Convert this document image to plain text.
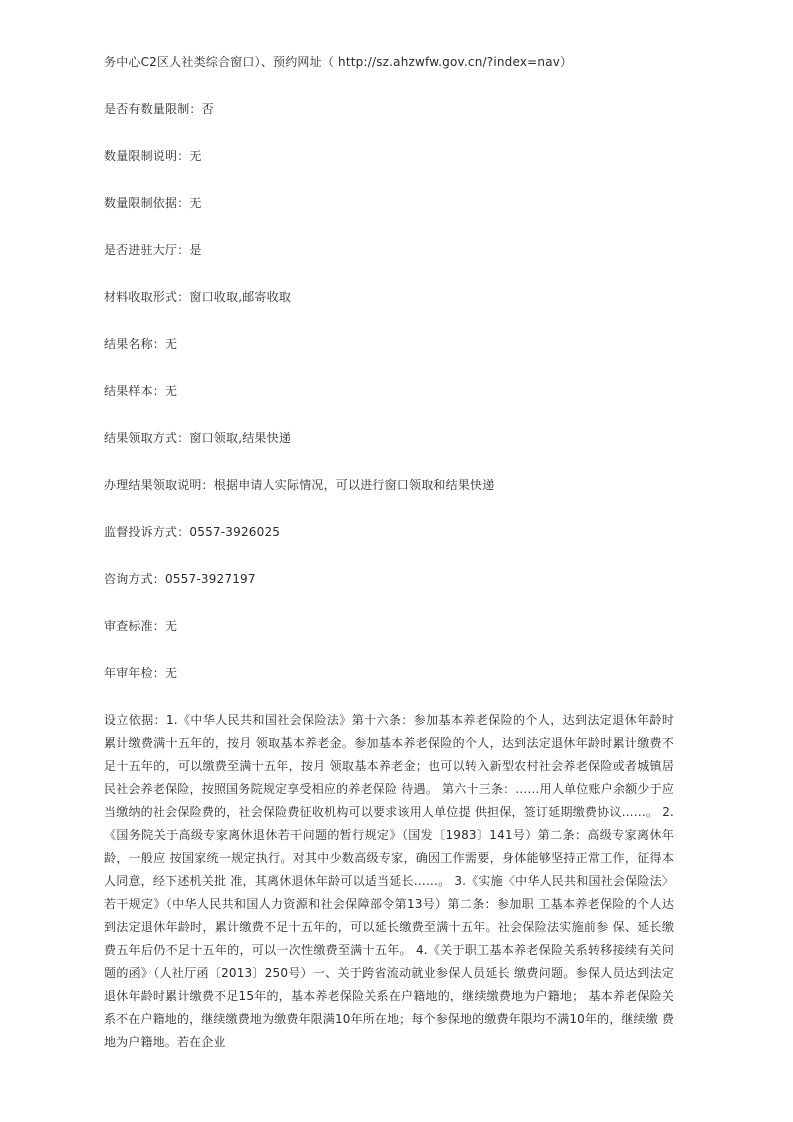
务中心C2区人社类综合窗口）、预约网址（ http://sz.ahzwfw.gov.cn/?index=nav）
是否有数量限制：否
数量限制说明：无
数量限制依据：无
是否进驻大厅：是
材料收取形式：窗口收取,邮寄收取
结果名称：无
结果样本：无
结果领取方式：窗口领取,结果快递
办理结果领取说明：根据申请人实际情况，可以进行窗口领取和结果快递
监督投诉方式：0557-3926025
咨询方式：0557-3927197
审查标准：无
年审年检：无
设立依据：1.《中华人民共和国社会保险法》第十六条：参加基本养老保险的个人，达到法定退休年龄时累计缴费满十五年的，按月 领取基本养老金。参加基本养老保险的个人，达到法定退休年龄时累计缴费不足十五年的，可以缴费至满十五年，按月 领取基本养老金；也可以转入新型农村社会养老保险或者城镇居民社会养老保险，按照国务院规定享受相应的养老保险 待遇。 第六十三条：……用人单位账户余额少于应当缴纳的社会保险费的，社会保险费征收机构可以要求该用人单位提 供担保，签订延期缴费协议……。 2.《国务院关于高级专家离休退休若干问题的暂行规定》（国发〔1983〕141号）第二条：高级专家离休年龄，一般应 按国家统一规定执行。对其中少数高级专家，确因工作需要，身体能够坚持正常工作，征得本人同意，经下述机关批 准，其离休退休年龄可以适当延长……。 3.《实施〈中华人民共和国社会保险法〉若干规定》（中华人民共和国人力资源和社会保障部令第13号）第二条：参加职 工基本养老保险的个人达到法定退休年龄时，累计缴费不足十五年的，可以延长缴费至满十五年。社会保险法实施前参 保、延长缴费五年后仍不足十五年的，可以一次性缴费至满十五年。 4.《关于职工基本养老保险关系转移接续有关问题的函》（人社厅函〔2013〕250号）一、关于跨省流动就业参保人员延长 缴费问题。参保人员达到法定退休年龄时累计缴费不足15年的，基本养老保险关系在户籍地的，继续缴费地为户籍地； 基本养老保险关系不在户籍地的，继续缴费地为缴费年限满10年所在地；每个参保地的缴费年限均不满10年的，继续缴 费地为户籍地。若在企业
